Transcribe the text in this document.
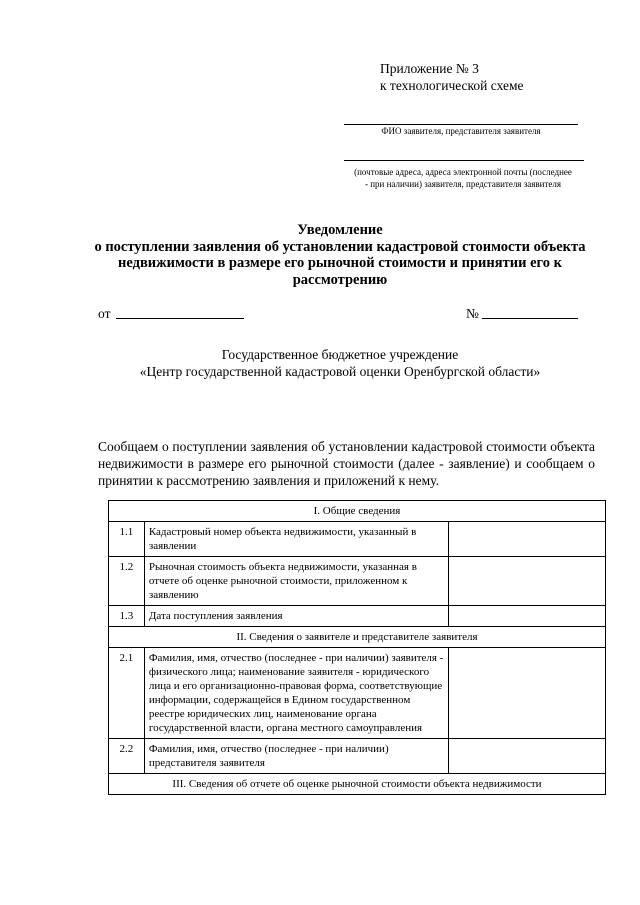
Приложение № 3
к технологической схеме
ФИО заявителя, представителя заявителя
(почтовые адреса, адреса электронной почты (последнее
- при наличии) заявителя, представителя заявителя
Уведомление
о поступлении заявления об установлении кадастровой стоимости объекта
недвижимости в размере его рыночной стоимости и принятии его к
рассмотрению
от	№
Государственное бюджетное учреждение
«Центр государственной кадастровой оценки Оренбургской области»
Сообщаем о поступлении заявления об установлении кадастровой стоимости объекта недвижимости в размере его рыночной стоимости (далее - заявление) и сообщаем о принятии к рассмотрению заявления и приложений к нему.
I. Общие сведения		
1.1	Кадастровый номер объекта недвижимости, указанный в заявлении	
1.2	Рыночная стоимость объекта недвижимости, указанная в отчете об оценке рыночной стоимости, приложенном к заявлению	
1.3	Дата поступления заявления	
II. Сведения о заявителе и представителе заявителя		
2.1	Фамилия, имя, отчество (последнее - при наличии) заявителя - физического лица; наименование заявителя - юридического лица и его организационно-правовая форма, соответствующие информации, содержащейся в Едином государственном реестре юридических лиц, наименование органа государственной власти, органа местного самоуправления	
2.2	Фамилия, имя, отчество (последнее - при наличии) представителя заявителя	
III. Сведения об отчете об оценке рыночной стоимости объекта недвижимости		
